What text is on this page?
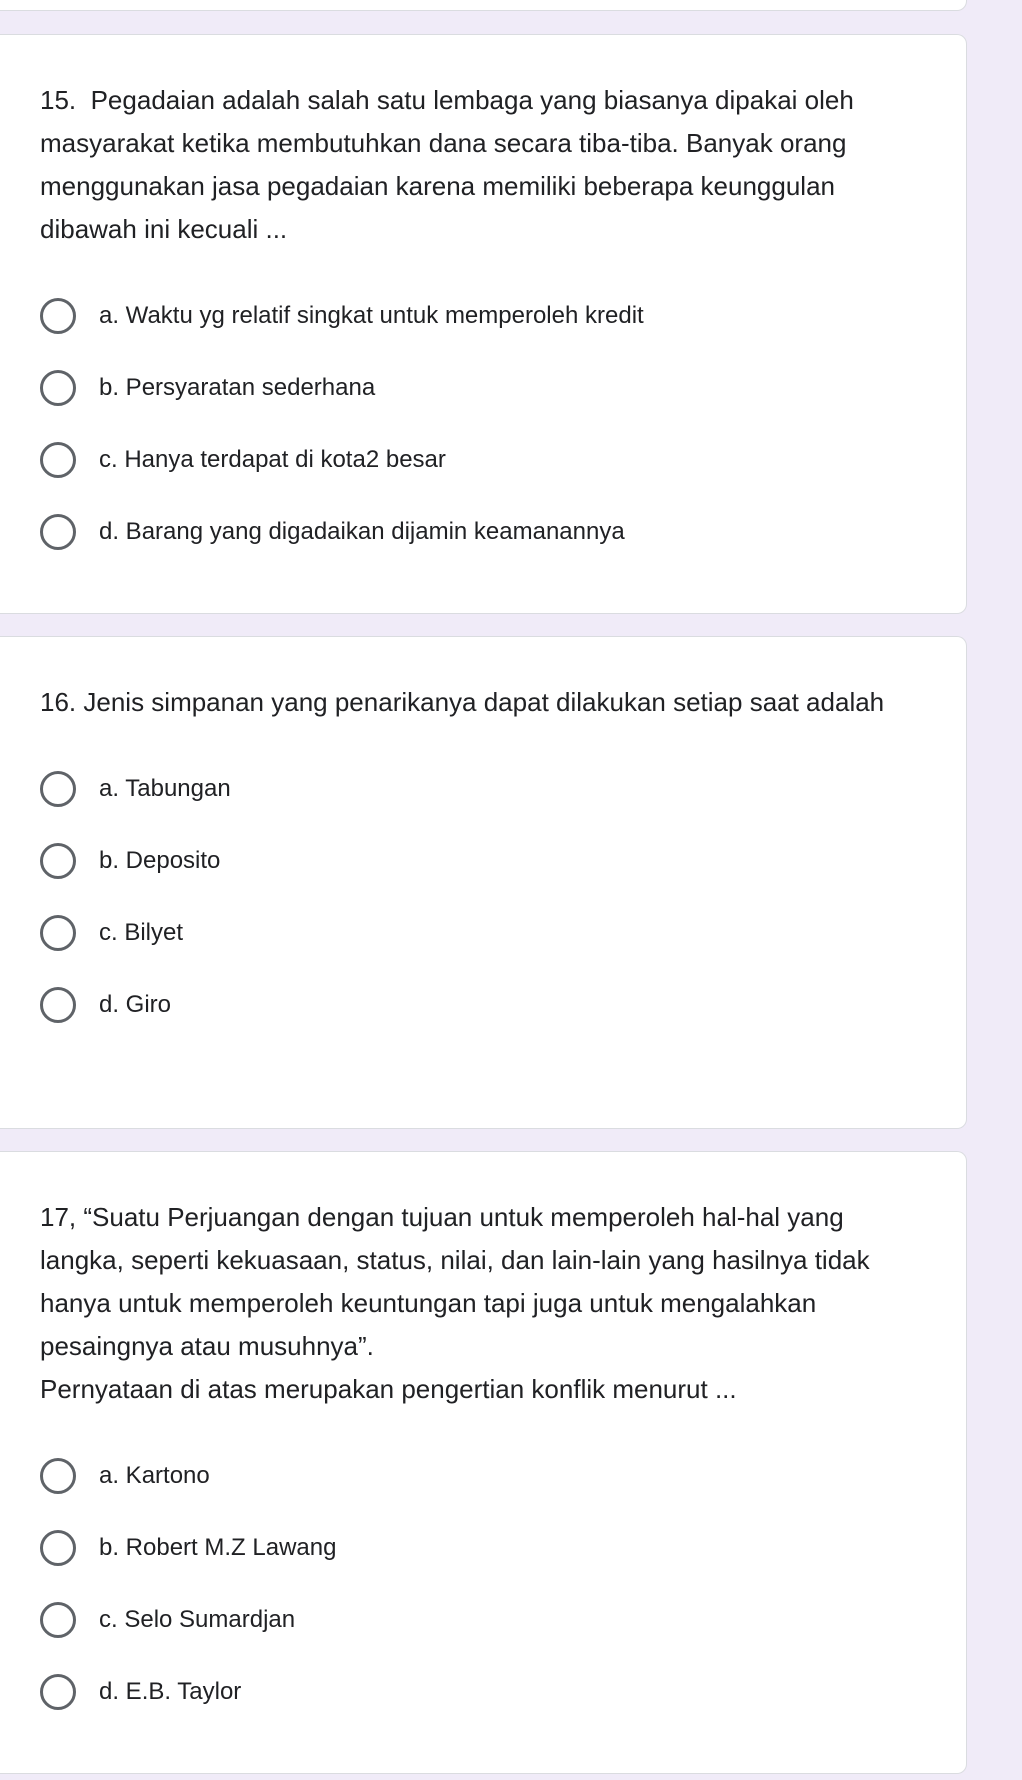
15.  Pegadaian adalah salah satu lembaga yang biasanya dipakai oleh masyarakat ketika membutuhkan dana secara tiba-tiba. Banyak orang menggunakan jasa pegadaian karena memiliki beberapa keunggulan dibawah ini kecuali ...
a. Waktu yg relatif singkat untuk memperoleh kredit
b. Persyaratan sederhana
c. Hanya terdapat di kota2 besar
d. Barang yang digadaikan dijamin keamanannya
16. Jenis simpanan yang penarikanya dapat dilakukan setiap saat adalah
a. Tabungan
b. Deposito
c. Bilyet
d. Giro
17, “Suatu Perjuangan dengan tujuan untuk memperoleh hal-hal yang langka, seperti kekuasaan, status, nilai, dan lain-lain yang hasilnya tidak hanya untuk memperoleh keuntungan tapi juga untuk mengalahkan  pesaingnya atau musuhnya”.
Pernyataan di atas merupakan pengertian konflik menurut ...
a. Kartono
b. Robert M.Z Lawang
c. Selo Sumardjan
d. E.B. Taylor
